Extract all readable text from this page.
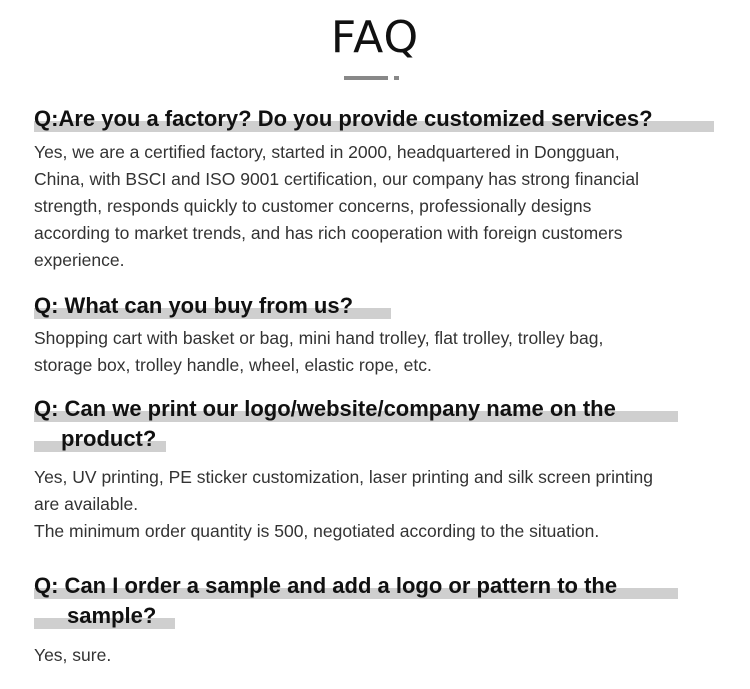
FAQ
Q:Are you a factory? Do you provide customized services?
Yes, we are a certified factory, started in 2000, headquartered in Dongguan,
China, with BSCI and ISO 9001 certification, our company has strong financial
strength, responds quickly to customer concerns, professionally designs
according to market trends, and has rich cooperation with foreign customers
experience.
Q: What can you buy from us?
Shopping cart with basket or bag, mini hand trolley, flat trolley, trolley bag,
storage box, trolley handle, wheel, elastic rope, etc.
Q: Can we print our logo/website/company name on the
product?
Yes, UV printing, PE sticker customization, laser printing and silk screen printing
are available.
The minimum order quantity is 500, negotiated according to the situation.
Q: Can I order a sample and add a logo or pattern to the
sample?
Yes, sure.
